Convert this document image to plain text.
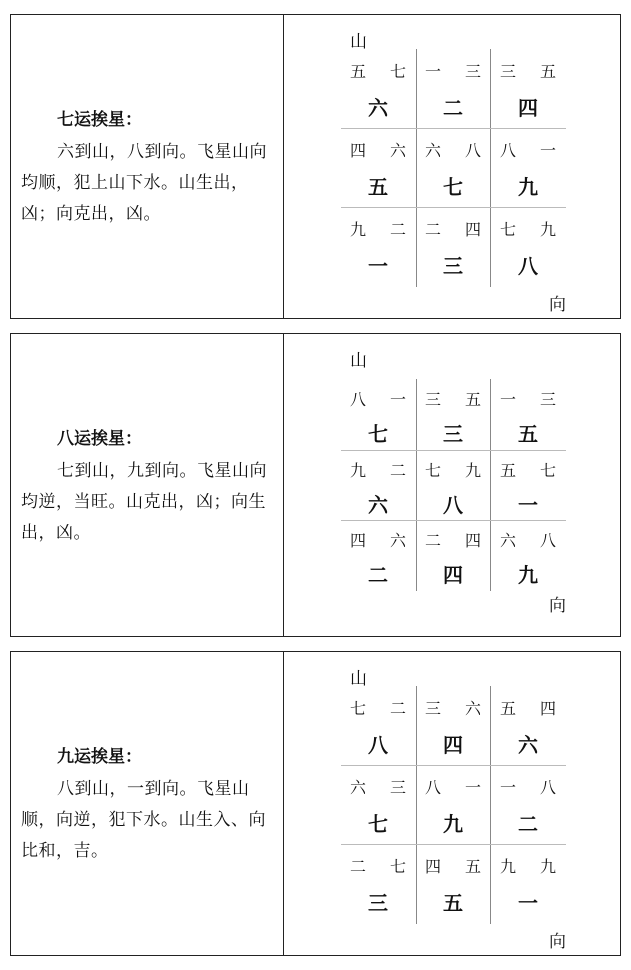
七运挨星：

六到山，八到向。飞星山向均顺，犯上山下水。山生出，凶；向克出，凶。

山
五 七
六
一 三
二
三 五
四
四 六
五
六 八
七
八 一
九
九 二
一
二 四
三
七 九
八
向
八运挨星：

七到山，九到向。飞星山向均逆，当旺。山克出，凶；向生出，凶。

山
八 一
七
三 五
三
一 三
五
九 二
六
七 九
八
五 七
一
四 六
二
二 四
四
六 八
九
向
九运挨星：

八到山，一到向。飞星山顺，向逆，犯下水。山生入、向比和，吉。

山
七 二
八
三 六
四
五 四
六
六 三
七
八 一
九
一 八
二
二 七
三
四 五
五
九 九
一
向
